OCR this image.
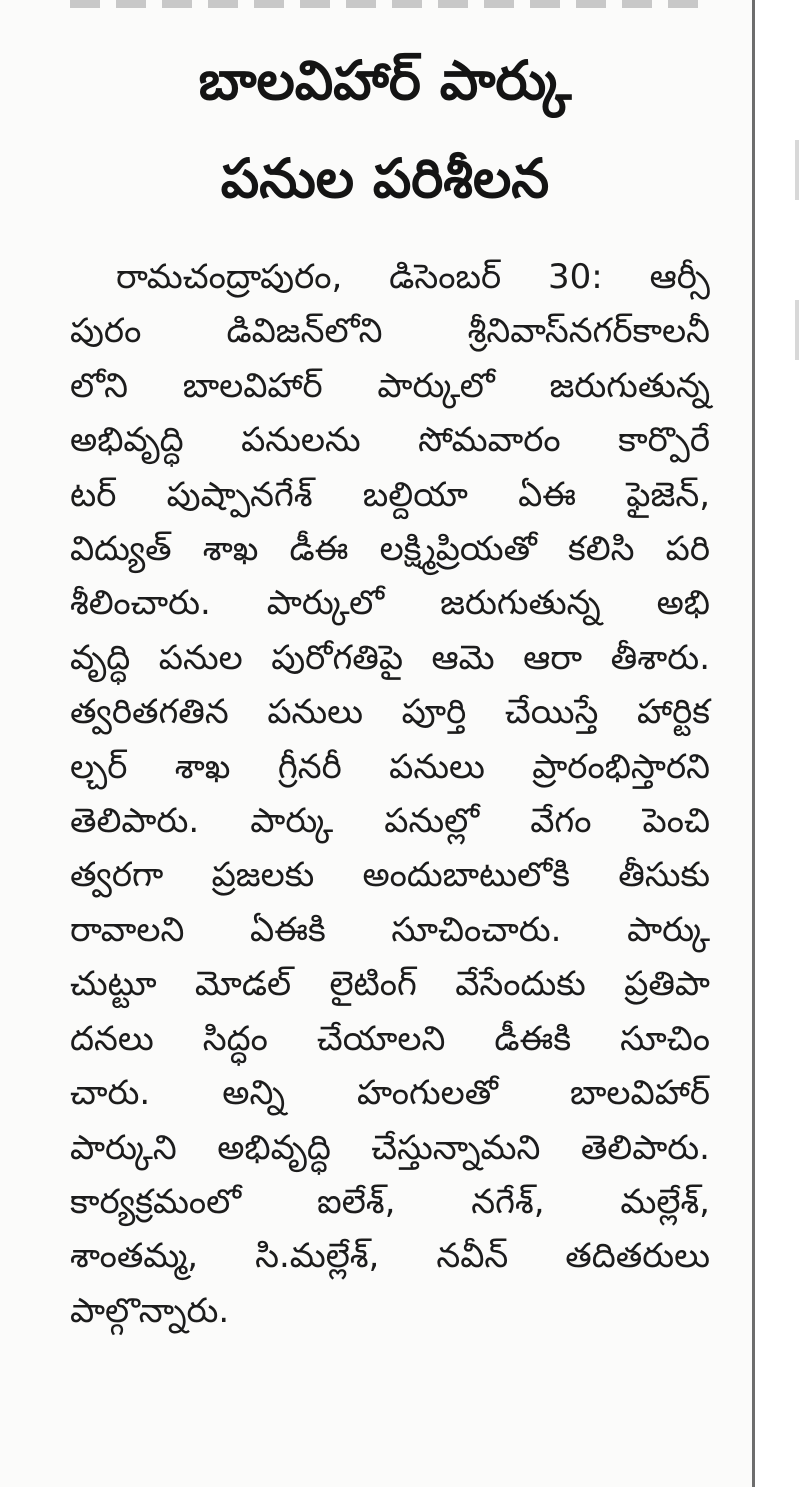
బాలవిహార్ పార్కు
పనుల పరిశీలన
రామచంద్రాపురం, డిసెంబర్ 30: ఆర్సీ
పురం డివిజన్‌లోని శ్రీనివాస్‌నగర్‌కాలనీ
లోని బాలవిహార్ పార్కులో జరుగుతున్న
అభివృద్ధి పనులను సోమవారం కార్పొరే
టర్ పుష్పానగేశ్ బల్దియా ఏఈ ఫైజెన్,
విద్యుత్ శాఖ డీఈ లక్ష్మిప్రియతో కలిసి పరి
శీలించారు. పార్కులో జరుగుతున్న అభి
వృద్ధి పనుల పురోగతిపై ఆమె ఆరా తీశారు.
త్వరితగతిన పనులు పూర్తి చేయిస్తే హార్టిక
ల్చర్ శాఖ గ్రీనరీ పనులు ప్రారంభిస్తారని
తెలిపారు. పార్కు పనుల్లో వేగం పెంచి
త్వరగా ప్రజలకు అందుబాటులోకి తీసుకు
రావాలని ఏఈకి సూచించారు. పార్కు
చుట్టూ మోడల్ లైటింగ్ వేసేందుకు ప్రతిపా
దనలు సిద్ధం చేయాలని డీఈకి సూచిం
చారు. అన్ని హంగులతో బాలవిహార్
పార్కుని అభివృద్ధి చేస్తున్నామని తెలిపారు.
కార్యక్రమంలో ఐలేశ్, నగేశ్, మల్లేశ్,
శాంతమ్మ, సి.మల్లేశ్, నవీన్ తదితరులు
పాల్గొన్నారు.
